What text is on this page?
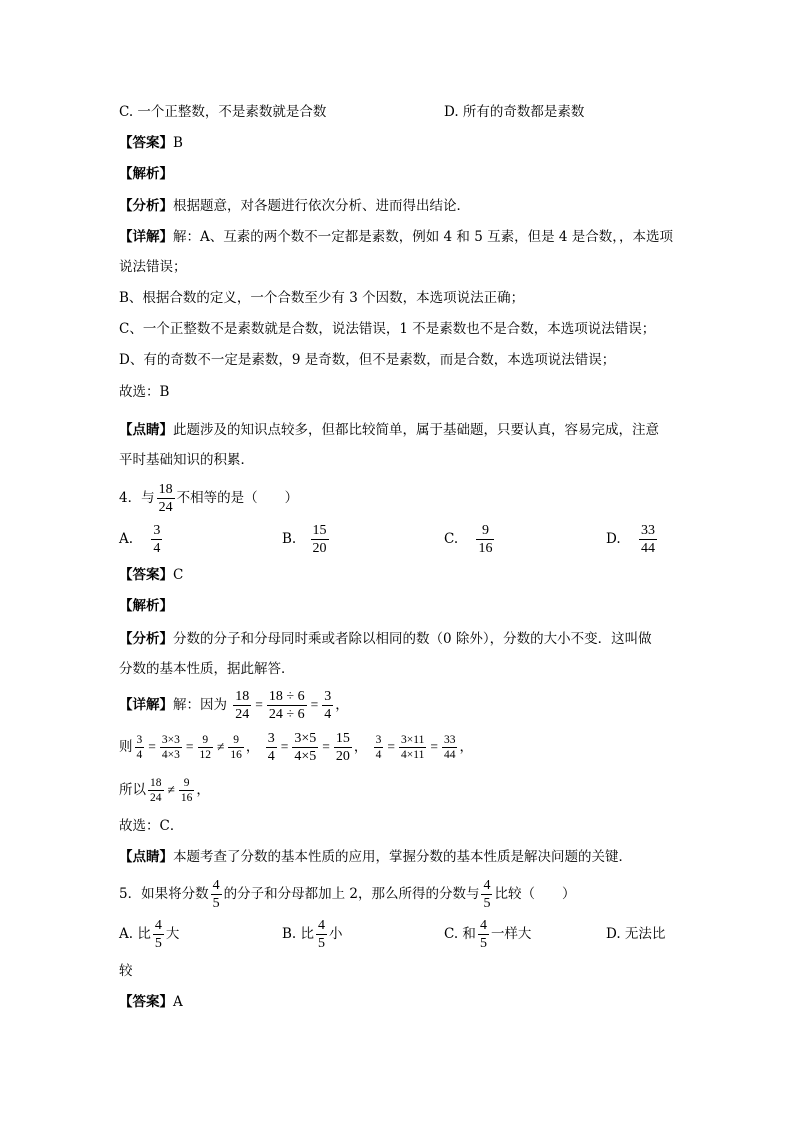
C. 一个正整数，不是素数就是合数	D. 所有的奇数都是素数
【答案】B
【解析】
【分析】根据题意，对各题进行依次分析、进而得出结论．
【详解】解：A、互素的两个数不一定都是素数，例如 4 和 5 互素，但是 4 是合数，，本选项
说法错误；
B、根据合数的定义，一个合数至少有 3 个因数，本选项说法正确；
C、一个正整数不是素数就是合数，说法错误，1 不是素数也不是合数，本选项说法错误；
D、有的奇数不一定是素数，9 是奇数，但不是素数，而是合数，本选项说法错误；
故选：B
【点睛】此题涉及的知识点较多，但都比较简单，属于基础题，只要认真，容易完成，注意
平时基础知识的积累．
4．与 $\frac{18}{24}$ 不相等的是（　　）
A. $\frac{3}{4}$	B. $\frac{15}{20}$	C. $\frac{9}{16}$	D. $\frac{33}{44}$
【答案】C
【解析】
【分析】分数的分子和分母同时乘或者除以相同的数（0 除外），分数的大小不变．这叫做
分数的基本性质，据此解答．
【详解】解：因为 $\frac{18}{24} = \frac{18 \div 6}{24 \div 6} = \frac{3}{4}$ ，
则 $\frac{3}{4} = \frac{3\times 3}{4\times 3} = \frac{9}{12} \ne \frac{9}{16}$ ， $\frac{3}{4} = \frac{3\times 5}{4\times 5} = \frac{15}{20}$ ， $\frac{3}{4} = \frac{3\times 11}{4\times 11} = \frac{33}{44}$ ，
所以 $\frac{18}{24} \ne \frac{9}{16}$ ，
故选：C．
【点睛】本题考查了分数的基本性质的应用，掌握分数的基本性质是解决问题的关键．
5．如果将分数 $\frac{4}{5}$ 的分子和分母都加上 2，那么所得的分数与 $\frac{4}{5}$ 比较（　　）
A. 比 $\frac{4}{5}$ 大	B. 比 $\frac{4}{5}$ 小	C. 和 $\frac{4}{5}$ 一样大	D. 无法比
较
【答案】A
